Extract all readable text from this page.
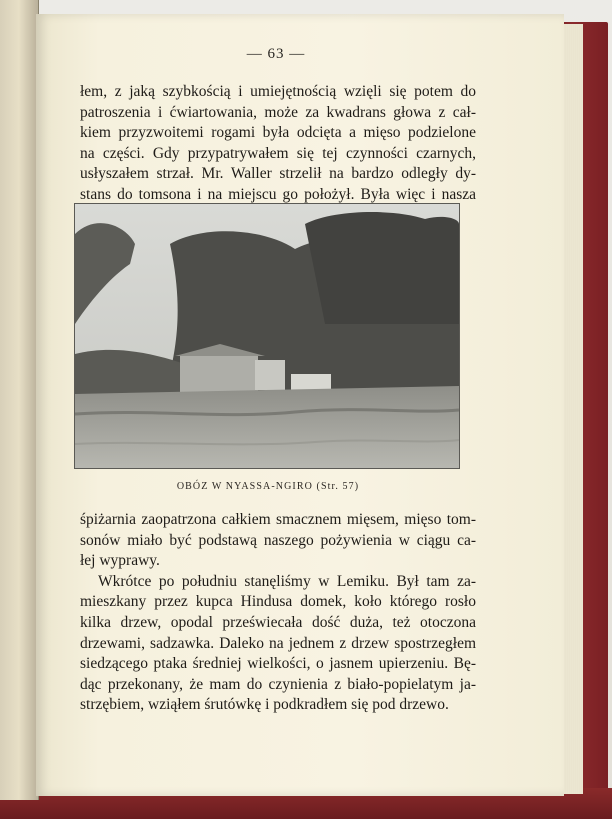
— 63 —
łem, z jaką szybkością i umiejętnością wzięli się potem do
patroszenia i ćwiartowania, może za kwadrans głowa z cał-
kiem przyzwoitemi rogami była odcięta a mięso podzielone
na części. Gdy przypatrywałem się tej czynności czarnych,
usłyszałem strzał. Mr. Waller strzelił na bardzo odległy dy-
stans do tomsona i na miejscu go położył. Była więc i nasza
OBÓZ W NYASSA-NGIRO (Str. 57)
śpiżarnia zaopatrzona całkiem smacznem mięsem, mięso tom-
sonów miało być podstawą naszego pożywienia w ciągu ca-
łej wyprawy.
Wkrótce po południu stanęliśmy w Lemiku. Był tam za-
mieszkany przez kupca Hindusa domek, koło którego rosło
kilka drzew, opodal przeświecała dość duża, też otoczona
drzewami, sadzawka. Daleko na jednem z drzew spostrzegłem
siedzącego ptaka średniej wielkości, o jasnem upierzeniu. Bę-
dąc przekonany, że mam do czynienia z biało-popielatym ja-
strzębiem, wziąłem śrutówkę i podkradłem się pod drzewo.
